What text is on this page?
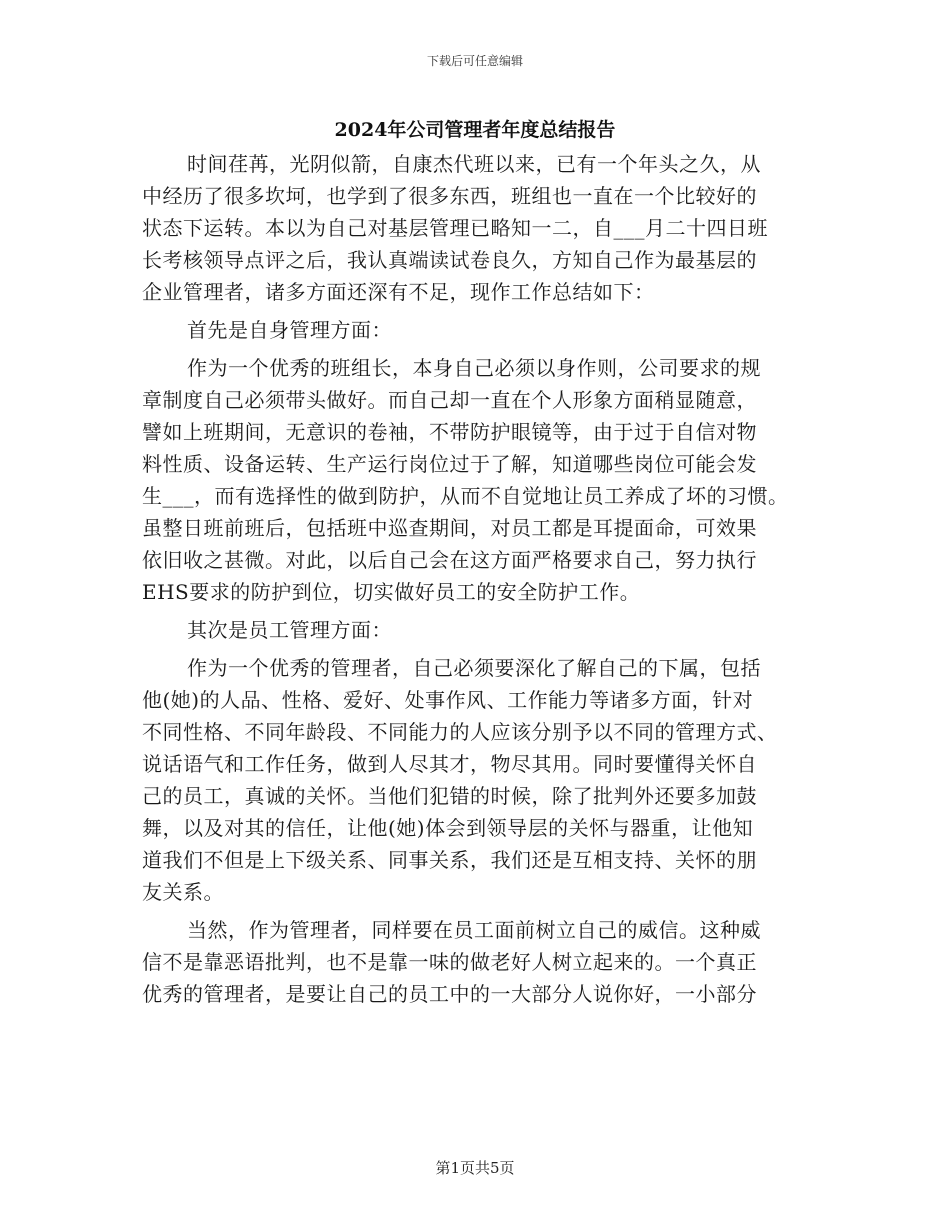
下载后可任意编辑
2024年公司管理者年度总结报告
时间荏苒，光阴似箭，自康杰代班以来，已有一个年头之久，从
中经历了很多坎坷，也学到了很多东西，班组也一直在一个比较好的
状态下运转。本以为自己对基层管理已略知一二，自___月二十四日班
长考核领导点评之后，我认真端读试卷良久，方知自己作为最基层的
企业管理者，诸多方面还深有不足，现作工作总结如下：
首先是自身管理方面：
作为一个优秀的班组长，本身自己必须以身作则，公司要求的规
章制度自己必须带头做好。而自己却一直在个人形象方面稍显随意，
譬如上班期间，无意识的卷袖，不带防护眼镜等，由于过于自信对物
料性质、设备运转、生产运行岗位过于了解，知道哪些岗位可能会发
生___，而有选择性的做到防护，从而不自觉地让员工养成了坏的习惯。
虽整日班前班后，包括班中巡查期间，对员工都是耳提面命，可效果
依旧收之甚微。对此，以后自己会在这方面严格要求自己，努力执行
EHS要求的防护到位，切实做好员工的安全防护工作。
其次是员工管理方面：
作为一个优秀的管理者，自己必须要深化了解自己的下属，包括
他(她)的人品、性格、爱好、处事作风、工作能力等诸多方面，针对
不同性格、不同年龄段、不同能力的人应该分别予以不同的管理方式、
说话语气和工作任务，做到人尽其才，物尽其用。同时要懂得关怀自
己的员工，真诚的关怀。当他们犯错的时候，除了批判外还要多加鼓
舞，以及对其的信任，让他(她)体会到领导层的关怀与器重，让他知
道我们不但是上下级关系、同事关系，我们还是互相支持、关怀的朋
友关系。
当然，作为管理者，同样要在员工面前树立自己的威信。这种威
信不是靠恶语批判，也不是靠一味的做老好人树立起来的。一个真正
优秀的管理者，是要让自己的员工中的一大部分人说你好，一小部分
第1页共5页
